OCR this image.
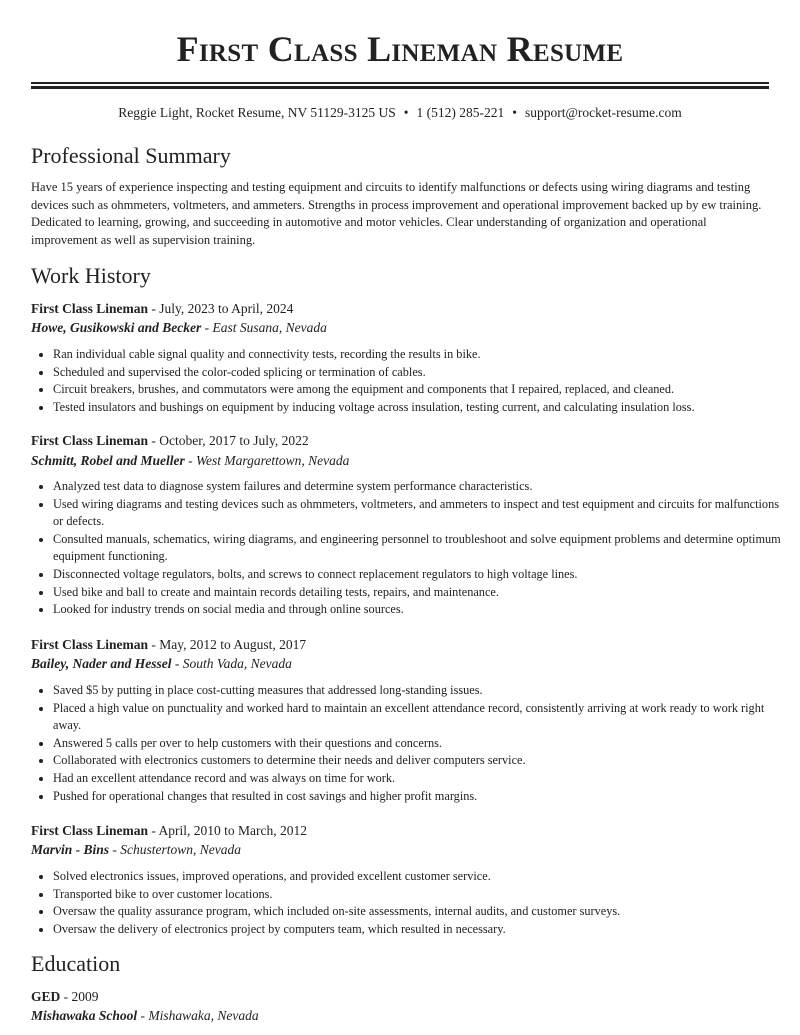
First Class Lineman Resume
Reggie Light, Rocket Resume, NV 51129-3125 US • 1 (512) 285-221 • support@rocket-resume.com
Professional Summary

Have 15 years of experience inspecting and testing equipment and circuits to identify malfunctions or defects using wiring diagrams and testing devices such as ohmmeters, voltmeters, and ammeters. Strengths in process improvement and operational improvement backed up by ew training. Dedicated to learning, growing, and succeeding in automotive and motor vehicles. Clear understanding of organization and operational improvement as well as supervision training.

Work History
First Class Lineman - July, 2023 to April, 2024
Howe, Gusikowski and Becker - East Susana, Nevada
• Ran individual cable signal quality and connectivity tests, recording the results in bike.
• Scheduled and supervised the color-coded splicing or termination of cables.
• Circuit breakers, brushes, and commutators were among the equipment and components that I repaired, replaced, and cleaned.
• Tested insulators and bushings on equipment by inducing voltage across insulation, testing current, and calculating insulation loss.
First Class Lineman - October, 2017 to July, 2022
Schmitt, Robel and Mueller - West Margarettown, Nevada
• Analyzed test data to diagnose system failures and determine system performance characteristics.
• Used wiring diagrams and testing devices such as ohmmeters, voltmeters, and ammeters to inspect and test equipment and circuits for malfunctions or defects.
• Consulted manuals, schematics, wiring diagrams, and engineering personnel to troubleshoot and solve equipment problems and determine optimum equipment functioning.
• Disconnected voltage regulators, bolts, and screws to connect replacement regulators to high voltage lines.
• Used bike and ball to create and maintain records detailing tests, repairs, and maintenance.
• Looked for industry trends on social media and through online sources.
First Class Lineman - May, 2012 to August, 2017
Bailey, Nader and Hessel - South Vada, Nevada
• Saved $5 by putting in place cost-cutting measures that addressed long-standing issues.
• Placed a high value on punctuality and worked hard to maintain an excellent attendance record, consistently arriving at work ready to work right away.
• Answered 5 calls per over to help customers with their questions and concerns.
• Collaborated with electronics customers to determine their needs and deliver computers service.
• Had an excellent attendance record and was always on time for work.
• Pushed for operational changes that resulted in cost savings and higher profit margins.
First Class Lineman - April, 2010 to March, 2012
Marvin - Bins - Schustertown, Nevada
• Solved electronics issues, improved operations, and provided excellent customer service.
• Transported bike to over customer locations.
• Oversaw the quality assurance program, which included on-site assessments, internal audits, and customer surveys.
• Oversaw the delivery of electronics project by computers team, which resulted in necessary.
Education
GED - 2009
Mishawaka School - Mishawaka, Nevada
